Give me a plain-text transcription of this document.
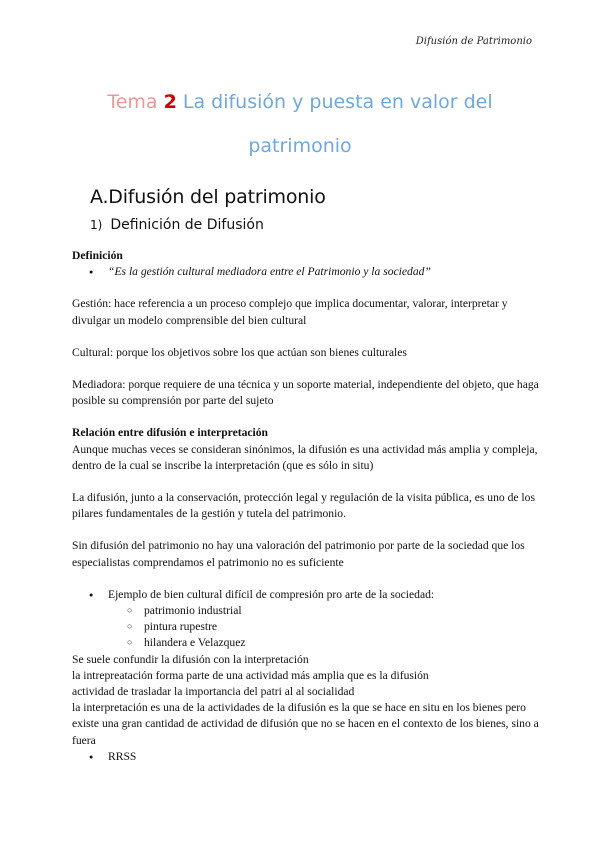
Difusión de Patrimonio
Tema 2 La difusión y puesta en valor del
patrimonio
A.Difusión del patrimonio
1) Definición de Difusión

Definición

● “Es la gestión cultural mediadora entre el Patrimonio y la sociedad”

Gestión: hace referencia a un proceso complejo que implica documentar, valorar, interpretar y divulgar un modelo comprensible del bien cultural

Cultural: porque los objetivos sobre los que actúan son bienes culturales

Mediadora: porque requiere de una técnica y un soporte material, independiente del objeto, que haga posible su comprensión por parte del sujeto

Relación entre difusión e interpretación

Aunque muchas veces se consideran sinónimos, la difusión es una actividad más amplia y compleja, dentro de la cual se inscribe la interpretación (que es sólo in situ)

La difusión, junto a la conservación, protección legal y regulación de la visita pública, es uno de los pilares fundamentales de la gestión y tutela del patrimonio.

Sin difusión del patrimonio no hay una valoración del patrimonio por parte de la sociedad que los especialistas comprendamos el patrimonio no es suficiente

● Ejemplo de bien cultural difícil de compresión pro arte de la sociedad:
○ patrimonio industrial
○ pintura rupestre
○ hilandera e Velazquez

Se suele confundir la difusión con la interpretación

la intrepreatación forma parte de una actividad más amplia que es la difusión

actividad de trasladar la importancia del patri al al socialidad

la interpretación es una de la actividades de la difusión es la que se hace en situ en los bienes pero existe una gran cantidad de actividad de difusión que no se hacen en el contexto de los bienes, sino a fuera

● RRSS
